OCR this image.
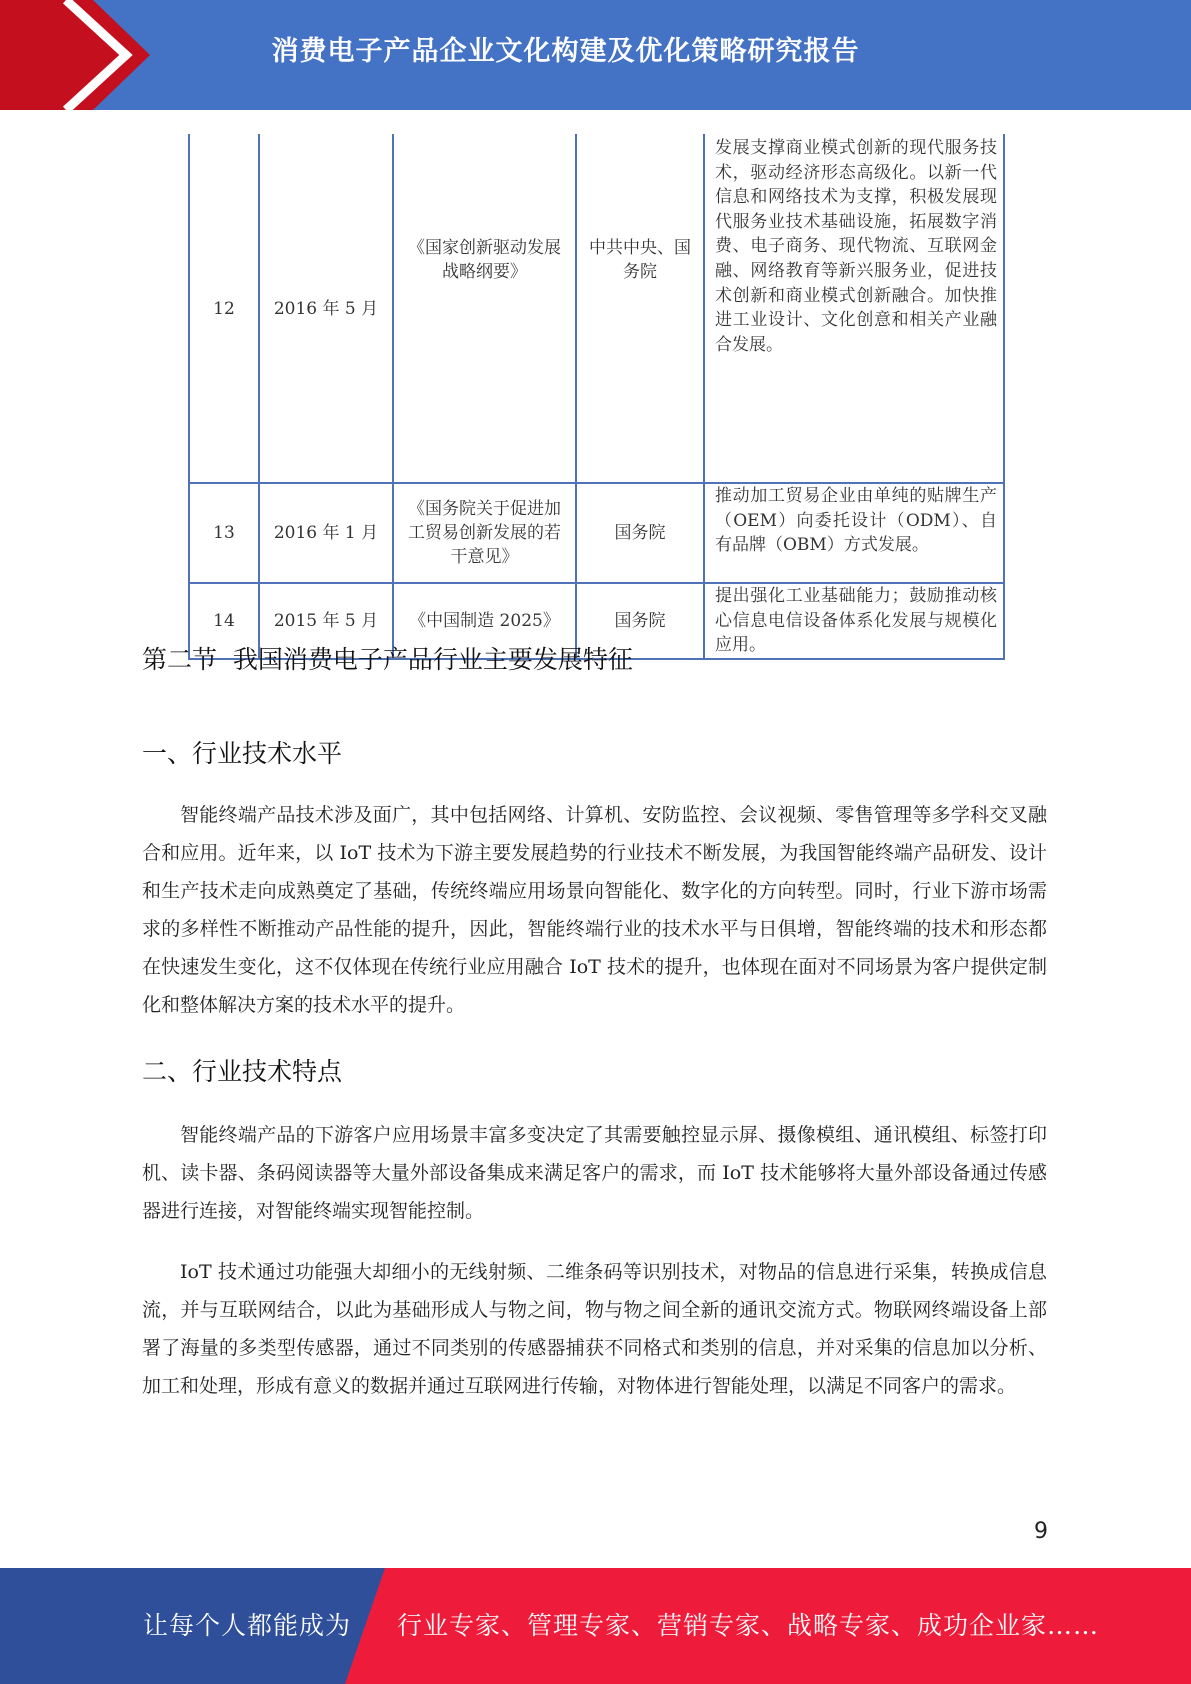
消费电子产品企业文化构建及优化策略研究报告
12	2016 年 5 月	《国家创新驱动发展战略纲要》	中共中央、国务院	发展支撑商业模式创新的现代服务技术，驱动经济形态高级化。以新一代信息和网络技术为支撑，积极发展现代服务业技术基础设施，拓展数字消费、电子商务、现代物流、互联网金融、网络教育等新兴服务业，促进技术创新和商业模式创新融合。加快推进工业设计、文化创意和相关产业融合发展。
13	2016 年 1 月	《国务院关于促进加工贸易创新发展的若干意见》	国务院	推动加工贸易企业由单纯的贴牌生产（OEM）向委托设计（ODM）、自有品牌（OBM）方式发展。
14	2015 年 5 月	《中国制造 2025》	国务院	提出强化工业基础能力；鼓励推动核心信息电信设备体系化发展与规模化应用。
第二节  我国消费电子产品行业主要发展特征
一、行业技术水平

智能终端产品技术涉及面广，其中包括网络、计算机、安防监控、会议视频、零售管理等多学科交叉融合和应用。近年来，以 IoT 技术为下游主要发展趋势的行业技术不断发展，为我国智能终端产品研发、设计和生产技术走向成熟奠定了基础，传统终端应用场景向智能化、数字化的方向转型。同时，行业下游市场需求的多样性不断推动产品性能的提升，因此，智能终端行业的技术水平与日俱增，智能终端的技术和形态都在快速发生变化，这不仅体现在传统行业应用融合 IoT 技术的提升，也体现在面对不同场景为客户提供定制化和整体解决方案的技术水平的提升。

二、行业技术特点

智能终端产品的下游客户应用场景丰富多变决定了其需要触控显示屏、摄像模组、通讯模组、标签打印机、读卡器、条码阅读器等大量外部设备集成来满足客户的需求，而 IoT 技术能够将大量外部设备通过传感器进行连接，对智能终端实现智能控制。

IoT 技术通过功能强大却细小的无线射频、二维条码等识别技术，对物品的信息进行采集，转换成信息流，并与互联网结合，以此为基础形成人与物之间，物与物之间全新的通讯交流方式。物联网终端设备上部署了海量的多类型传感器，通过不同类别的传感器捕获不同格式和类别的信息，并对采集的信息加以分析、加工和处理，形成有意义的数据并通过互联网进行传输，对物体进行智能处理，以满足不同客户的需求。

9
让每个人都能成为 行业专家、管理专家、营销专家、战略专家、成功企业家……
